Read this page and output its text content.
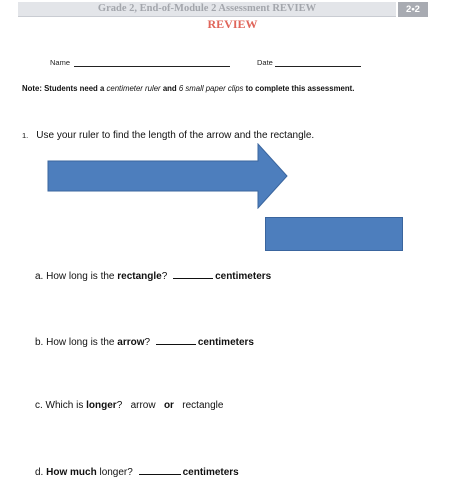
Grade 2, End-of-Module 2 Assessment REVIEW	2•2
REVIEW
Name	Date
Note: Students need a centimeter ruler and 6 small paper clips to complete this assessment.
1. Use your ruler to find the length of the arrow and the rectangle.
a. How long is the rectangle?	centimeters
b. How long is the arrow?	centimeters
c. Which is longer?   arrow   or   rectangle
d. How much longer?	centimeters
